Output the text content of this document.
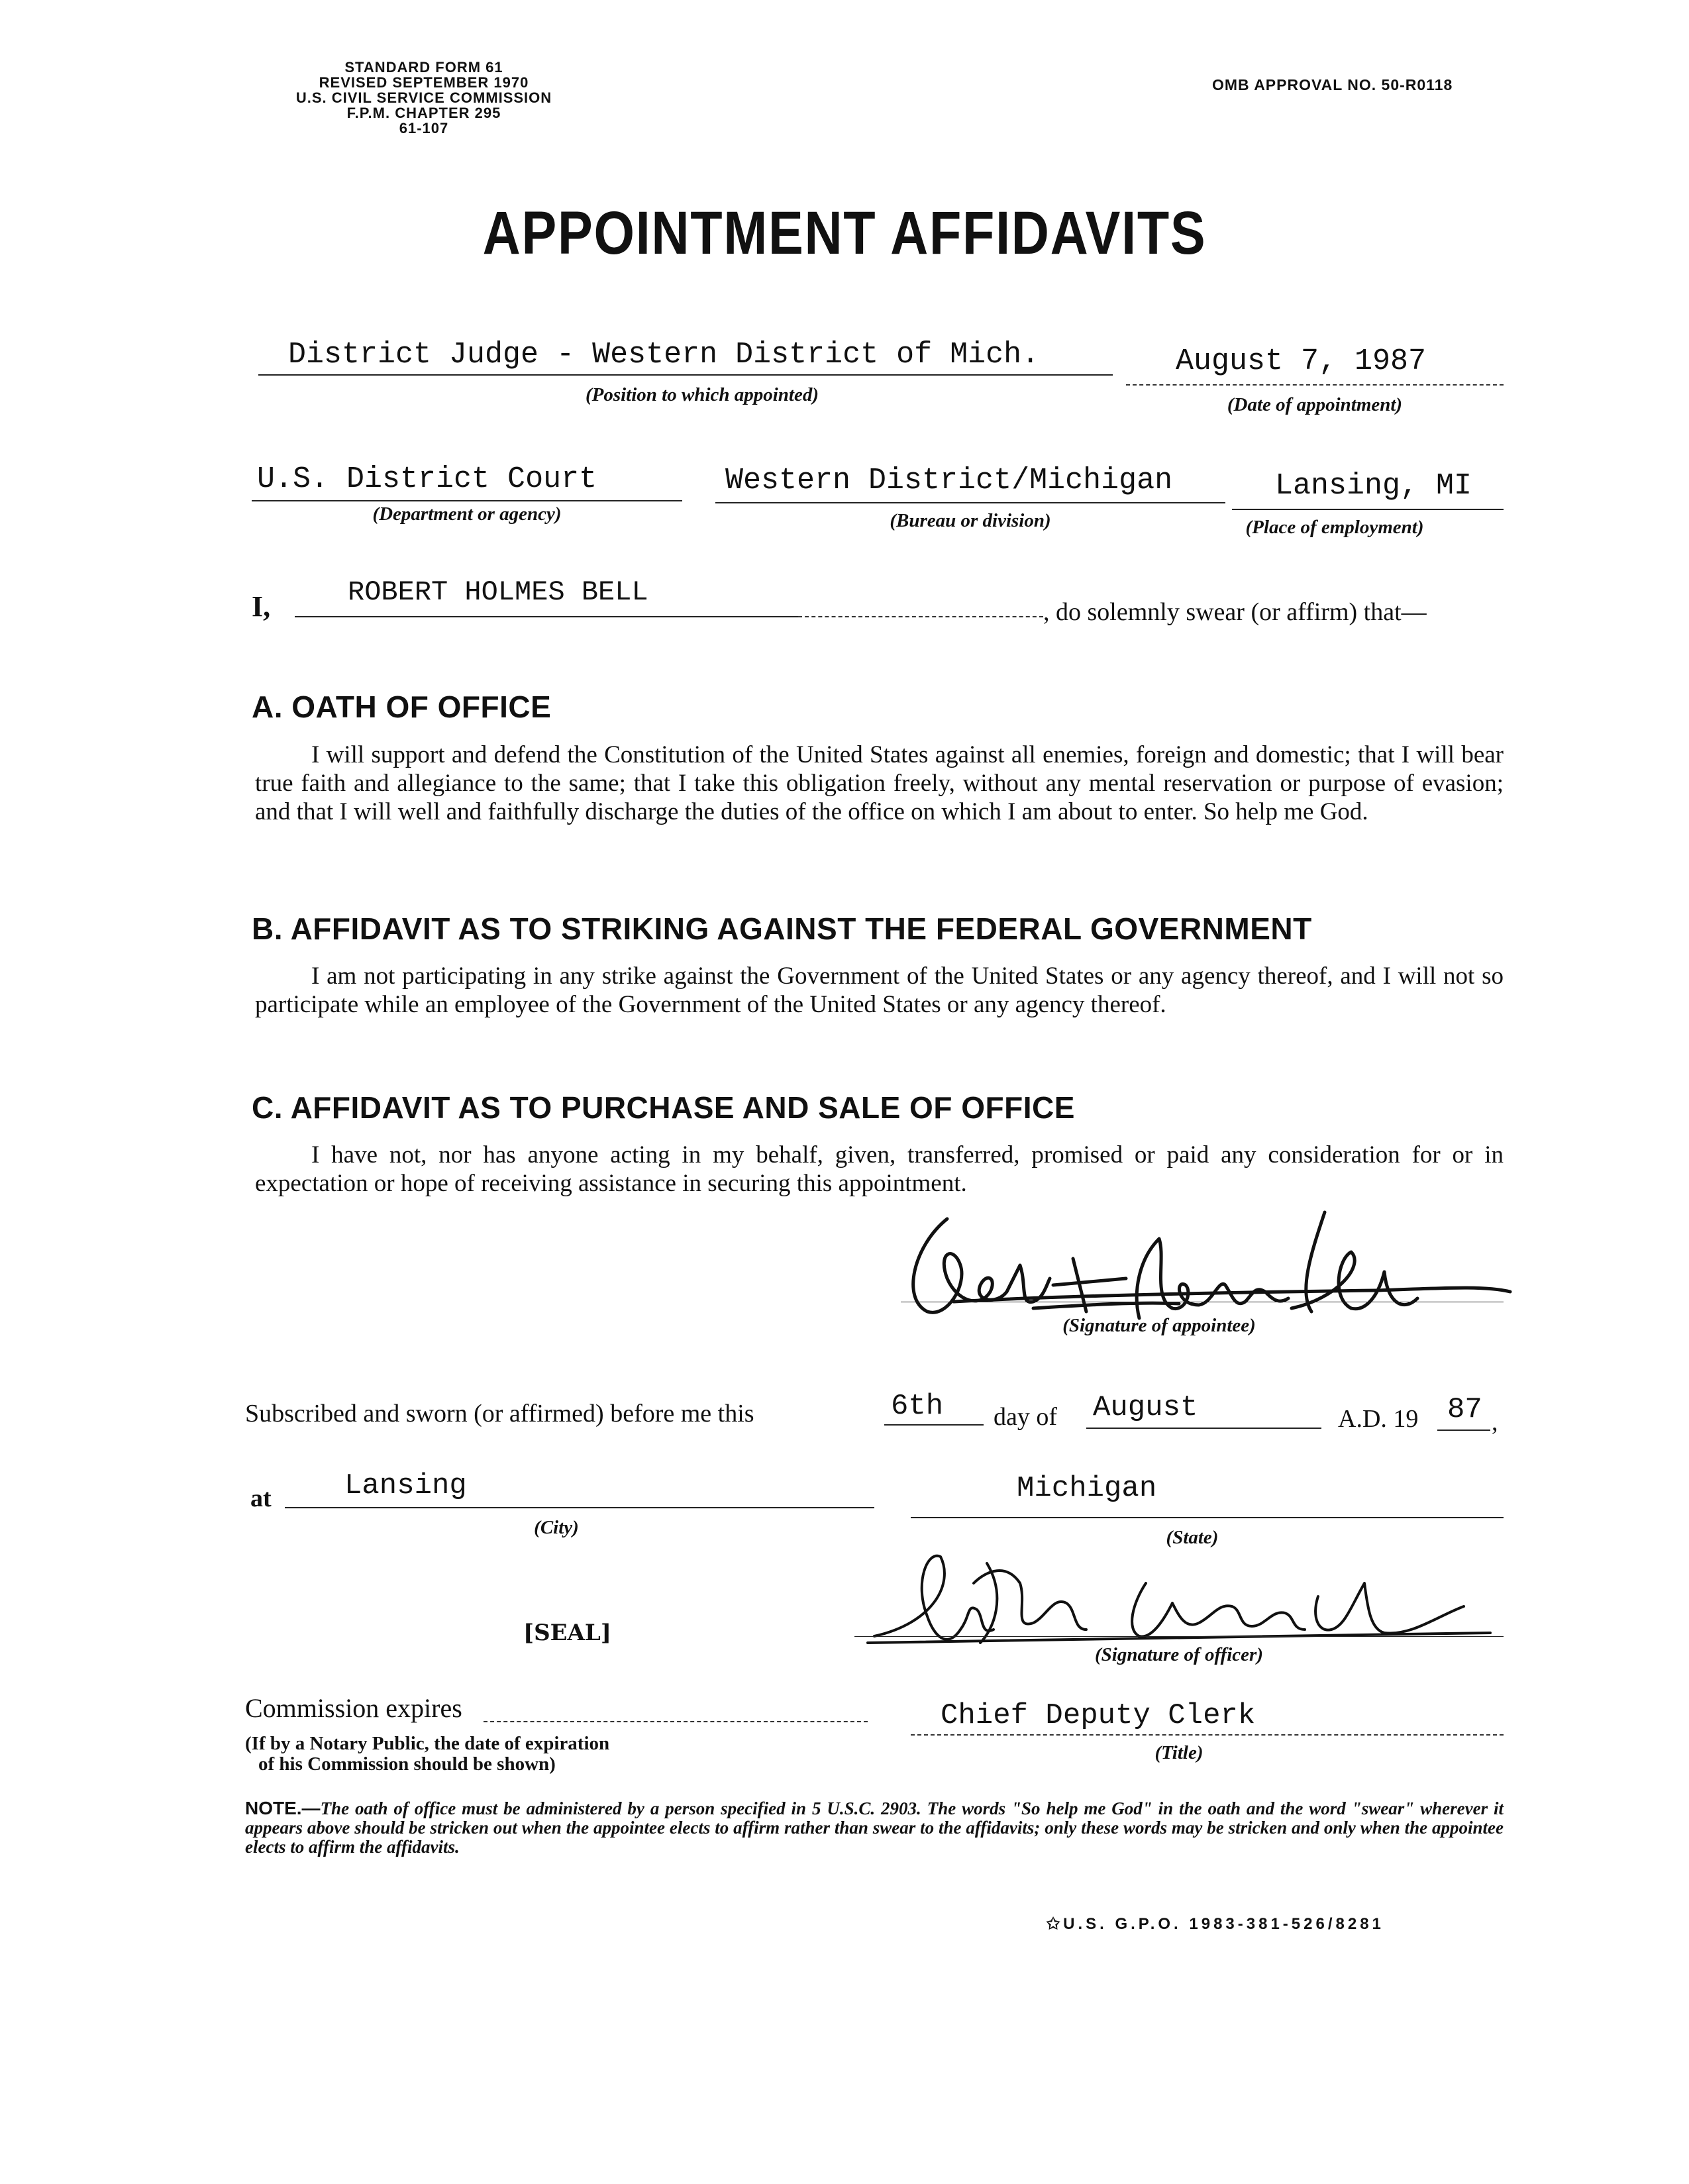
STANDARD FORM 61
REVISED SEPTEMBER 1970
U.S. CIVIL SERVICE COMMISSION
F.P.M. CHAPTER 295
61-107
OMB APPROVAL NO. 50-R0118
APPOINTMENT AFFIDAVITS
District Judge - Western District of Mich.
(Position to which appointed)
August 7, 1987
(Date of appointment)
U.S. District Court
(Department or agency)
Western District/Michigan
(Bureau or division)
Lansing, MI
(Place of employment)
I,	ROBERT HOLMES BELL
, do solemnly swear (or affirm) that—
A. OATH OF OFFICE
I will support and defend the Constitution of the United States against all enemies, foreign and domestic; that I will bear true faith and allegiance to the same; that I take this obligation freely, without any mental reservation or purpose of evasion; and that I will well and faithfully discharge the duties of the office on which I am about to enter. So help me God.
B. AFFIDAVIT AS TO STRIKING AGAINST THE FEDERAL GOVERNMENT
I am not participating in any strike against the Government of the United States or any agency thereof, and I will not so participate while an employee of the Government of the United States or any agency thereof.
C. AFFIDAVIT AS TO PURCHASE AND SALE OF OFFICE
I have not, nor has anyone acting in my behalf, given, transferred, promised or paid any consideration for or in expectation or hope of receiving assistance in securing this appointment.
(Signature of appointee)
Subscribed and sworn (or affirmed) before me this	6th day of August	A.D. 19 87 ,
at	Lansing
(City)
Michigan
(State)
[SEAL]
(Signature of officer)
Commission expires
(If by a Notary Public, the date of expiration
of his Commission should be shown)
Chief Deputy Clerk
(Title)
NOTE.—The oath of office must be administered by a person specified in 5 U.S.C. 2903. The words "So help me God" in the oath and the word "swear" wherever it appears above should be stricken out when the appointee elects to affirm rather than swear to the affidavits; only these words may be stricken and only when the appointee elects to affirm the affidavits.
✩U.S. G.P.O. 1983-381-526/8281
